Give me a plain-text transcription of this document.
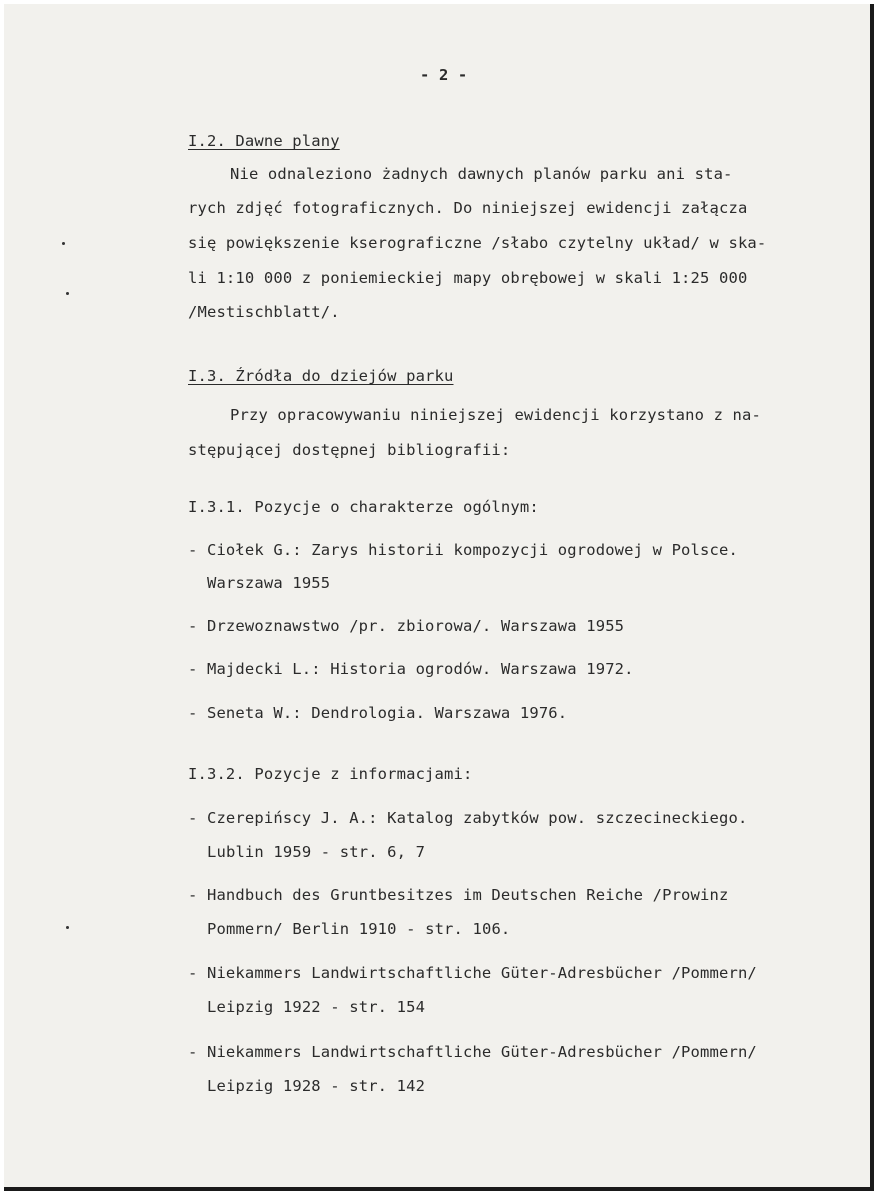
- 2 -
I.2. Dawne plany
Nie odnaleziono żadnych dawnych planów parku ani sta-
rych zdjęć fotograficznych. Do niniejszej ewidencji załącza
się powiększenie kserograficzne /słabo czytelny układ/ w ska-
li 1:10 000 z poniemieckiej mapy obrębowej w skali 1:25 000
/Mestischblatt/.
I.3. Źródła do dziejów parku
Przy opracowywaniu niniejszej ewidencji korzystano z na-
stępującej dostępnej bibliografii:
I.3.1. Pozycje o charakterze ogólnym:
- Ciołek G.: Zarys historii kompozycji ogrodowej w Polsce.
Warszawa 1955
- Drzewoznawstwo /pr. zbiorowa/. Warszawa 1955
- Majdecki L.: Historia ogrodów. Warszawa 1972.
- Seneta W.: Dendrologia. Warszawa 1976.
I.3.2. Pozycje z informacjami:
- Czerepińscy J. A.: Katalog zabytków pow. szczecineckiego.
Lublin 1959 - str. 6, 7
- Handbuch des Gruntbesitzes im Deutschen Reiche /Prowinz
Pommern/ Berlin 1910 - str. 106.
- Niekammers Landwirtschaftliche Güter-Adresbücher /Pommern/
Leipzig 1922 - str. 154
- Niekammers Landwirtschaftliche Güter-Adresbücher /Pommern/
Leipzig 1928 - str. 142
